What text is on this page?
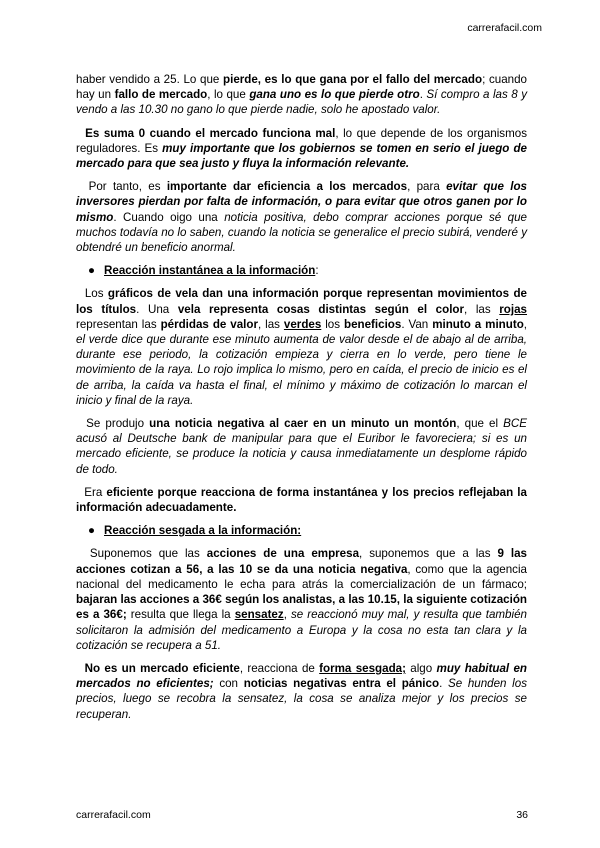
carrerafacil.com

haber vendido a 25. Lo que pierde, es lo que gana por el fallo del mercado; cuando hay un fallo de mercado, lo que gana uno es lo que pierde otro. Sí compro a las 8 y vendo a las 10.30 no gano lo que pierde nadie, solo he apostado valor.

Es suma 0 cuando el mercado funciona mal, lo que depende de los organismos reguladores. Es muy importante que los gobiernos se tomen en serio el juego de mercado para que sea justo y fluya la información relevante.

Por tanto, es importante dar eficiencia a los mercados, para evitar que los inversores pierdan por falta de información, o para evitar que otros ganen por lo mismo. Cuando oigo una noticia positiva, debo comprar acciones porque sé que muchos todavía no lo saben, cuando la noticia se generalice el precio subirá, venderé y obtendré un beneficio anormal.

● Reacción instantánea a la información:

Los gráficos de vela dan una información porque representan movimientos de los títulos. Una vela representa cosas distintas según el color, las rojas representan las pérdidas de valor, las verdes los beneficios. Van minuto a minuto, el verde dice que durante ese minuto aumenta de valor desde el de abajo al de arriba, durante ese periodo, la cotización empieza y cierra en lo verde, pero tiene le movimiento de la raya. Lo rojo implica lo mismo, pero en caída, el precio de inicio es el de arriba, la caída va hasta el final, el mínimo y máximo de cotización lo marcan el inicio y final de la raya.

Se produjo una noticia negativa al caer en un minuto un montón, que el BCE acusó al Deutsche bank de manipular para que el Euribor le favoreciera; si es un mercado eficiente, se produce la noticia y causa inmediatamente un desplome rápido de todo.

Era eficiente porque reacciona de forma instantánea y los precios reflejaban la información adecuadamente.

● Reacción sesgada a la información:

Suponemos que las acciones de una empresa, suponemos que a las 9 las acciones cotizan a 56, a las 10 se da una noticia negativa, como que la agencia nacional del medicamento le echa para atrás la comercialización de un fármaco; bajaran las acciones a 36€ según los analistas, a las 10.15, la siguiente cotización es a 36€; resulta que llega la sensatez, se reaccionó muy mal, y resulta que también solicitaron la admisión del medicamento a Europa y la cosa no esta tan clara y la cotización se recupera a 51.

No es un mercado eficiente, reacciona de forma sesgada; algo muy habitual en mercados no eficientes; con noticias negativas entra el pánico. Se hunden los precios, luego se recobra la sensatez, la cosa se analiza mejor y los precios se recuperan.

carrerafacil.com	36
